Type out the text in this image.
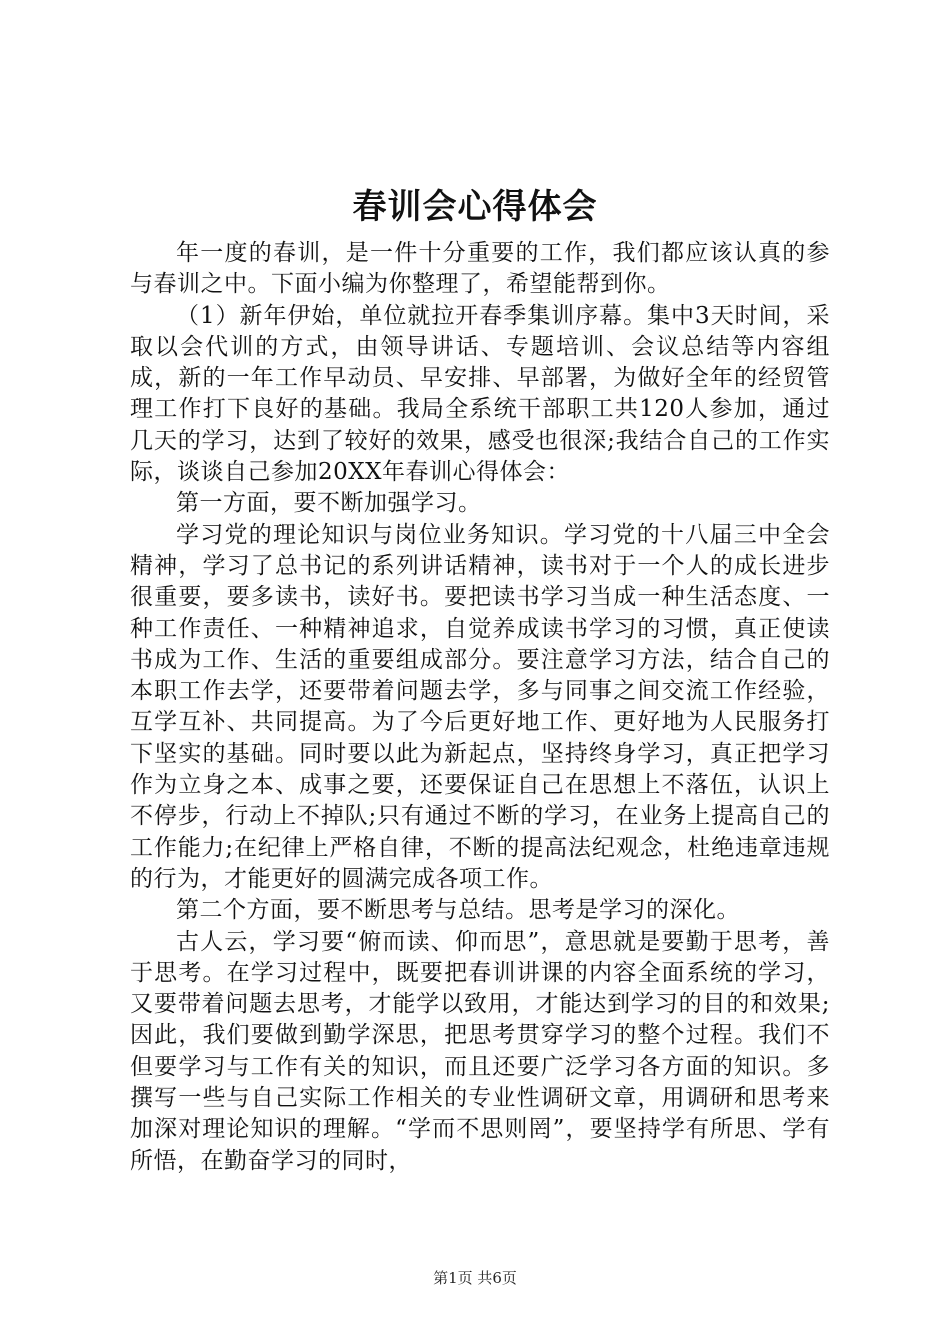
春训会心得体会

年一度的春训，是一件十分重要的工作，我们都应该认真的参与春训之中。下面小编为你整理了，希望能帮到你。

（1）新年伊始，单位就拉开春季集训序幕。集中3天时间，采取以会代训的方式，由领导讲话、专题培训、会议总结等内容组成，新的一年工作早动员、早安排、早部署，为做好全年的经贸管理工作打下良好的基础。我局全系统干部职工共120人参加，通过几天的学习，达到了较好的效果，感受也很深;我结合自己的工作实际，谈谈自己参加20XX年春训心得体会：

第一方面，要不断加强学习。

学习党的理论知识与岗位业务知识。学习党的十八届三中全会精神，学习了总书记的系列讲话精神，读书对于一个人的成长进步很重要，要多读书，读好书。要把读书学习当成一种生活态度、一种工作责任、一种精神追求，自觉养成读书学习的习惯，真正使读书成为工作、生活的重要组成部分。要注意学习方法，结合自己的本职工作去学，还要带着问题去学，多与同事之间交流工作经验，互学互补、共同提高。为了今后更好地工作、更好地为人民服务打下坚实的基础。同时要以此为新起点，坚持终身学习，真正把学习作为立身之本、成事之要，还要保证自己在思想上不落伍，认识上不停步，行动上不掉队;只有通过不断的学习，在业务上提高自己的工作能力;在纪律上严格自律，不断的提高法纪观念，杜绝违章违规的行为，才能更好的圆满完成各项工作。

第二个方面，要不断思考与总结。思考是学习的深化。

古人云，学习要“俯而读、仰而思”，意思就是要勤于思考，善于思考。在学习过程中，既要把春训讲课的内容全面系统的学习，又要带着问题去思考，才能学以致用，才能达到学习的目的和效果;因此，我们要做到勤学深思，把思考贯穿学习的整个过程。我们不但要学习与工作有关的知识，而且还要广泛学习各方面的知识。多撰写一些与自己实际工作相关的专业性调研文章，用调研和思考来加深对理论知识的理解。“学而不思则罔”，要坚持学有所思、学有所悟，在勤奋学习的同时，

第1页 共6页
